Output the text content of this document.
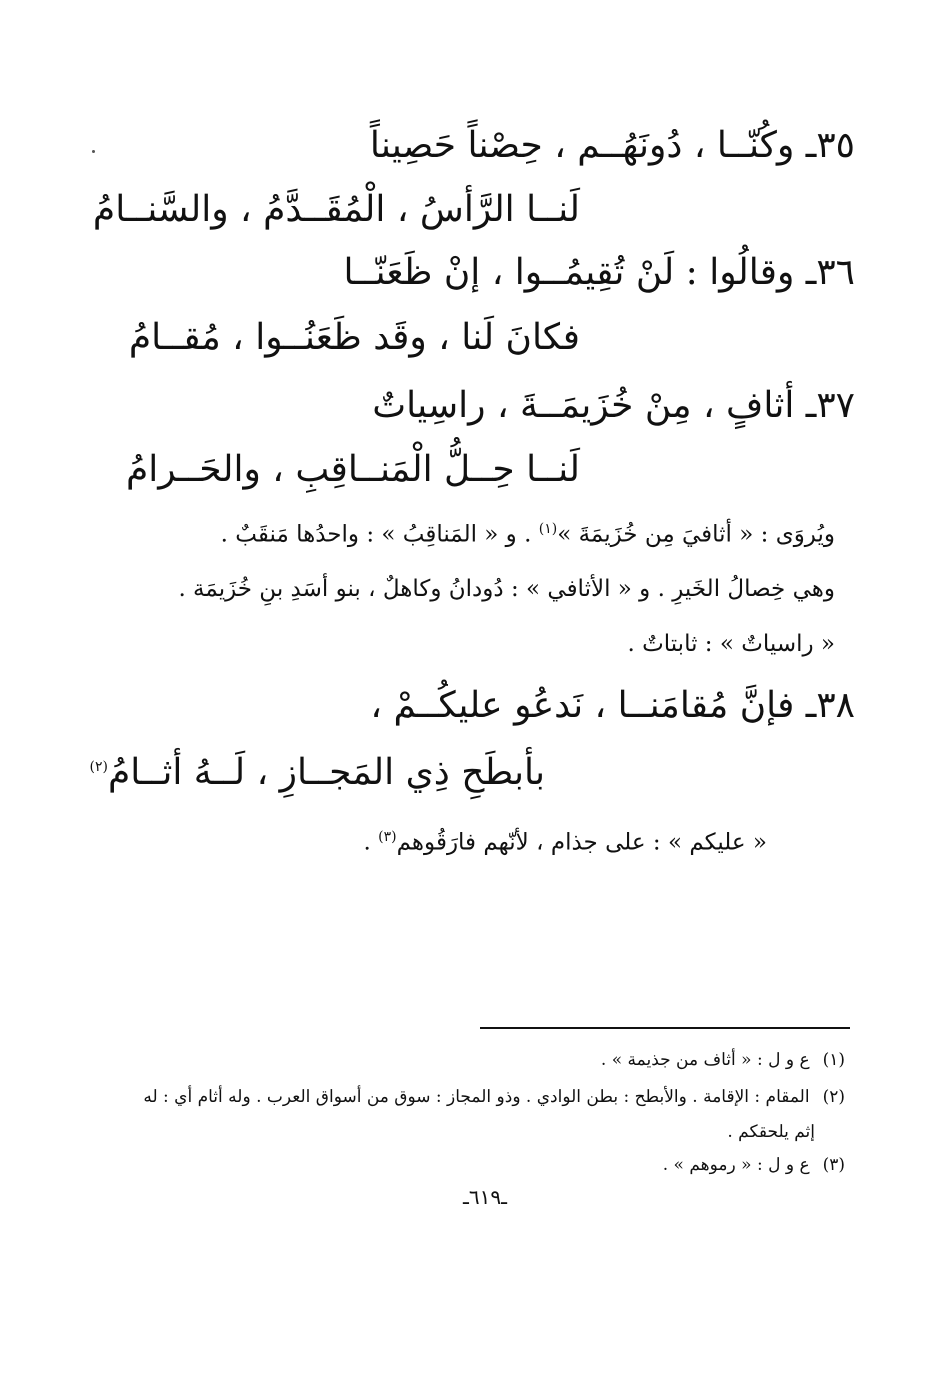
٣٥ـ وكُنّــا ، دُونَهُــم ، حِصْناً حَصِيناً
لَنــا الرَّأسُ ، الْمُقَــدَّمُ ، والسَّنــامُ
٣٦ـ وقالُوا : لَنْ تُقِيمُــوا ، إنْ ظَعَنّــا
فكانَ لَنا ، وقَد ظَعَنُــوا ، مُقــامُ
٣٧ـ أثافٍ ، مِنْ خُزَيمَــةَ ، راسِياتٌ
لَنــا حِــلُّ الْمَنــاقِبِ ، والحَــرامُ
ويُروَى : « أثافيَ مِن خُزَيمَةَ »$^{(١)}$ . و « المَناقِبُ » : واحدُها مَنقَبٌ .
وهي خِصالُ الخَيرِ . و « الأثافي » : دُودانُ وكاهلٌ ، بنو أسَدِ بنِ خُزَيمَة .
« راسياتٌ » : ثابتاتٌ .
٣٨ـ فإنَّ مُقامَنــا ، نَدعُو عليكُــمْ ،
بأبطَحِ ذِي المَجــازِ ، لَــهُ أثــامُ$^{(٢)}$
« عليكم » : على جذام ، لأنّهم فارَقُوهم$^{(٣)}$ .
(١) ع و ل : « أثاف من جذيمة » .
(٢) المقام : الإقامة . والأبطح : بطن الوادي . وذو المجاز : سوق من أسواق العرب . وله أثام أي : له
إثم يلحقكم .
(٣) ع و ل : « رموهم » .
ـ٦١٩ـ
